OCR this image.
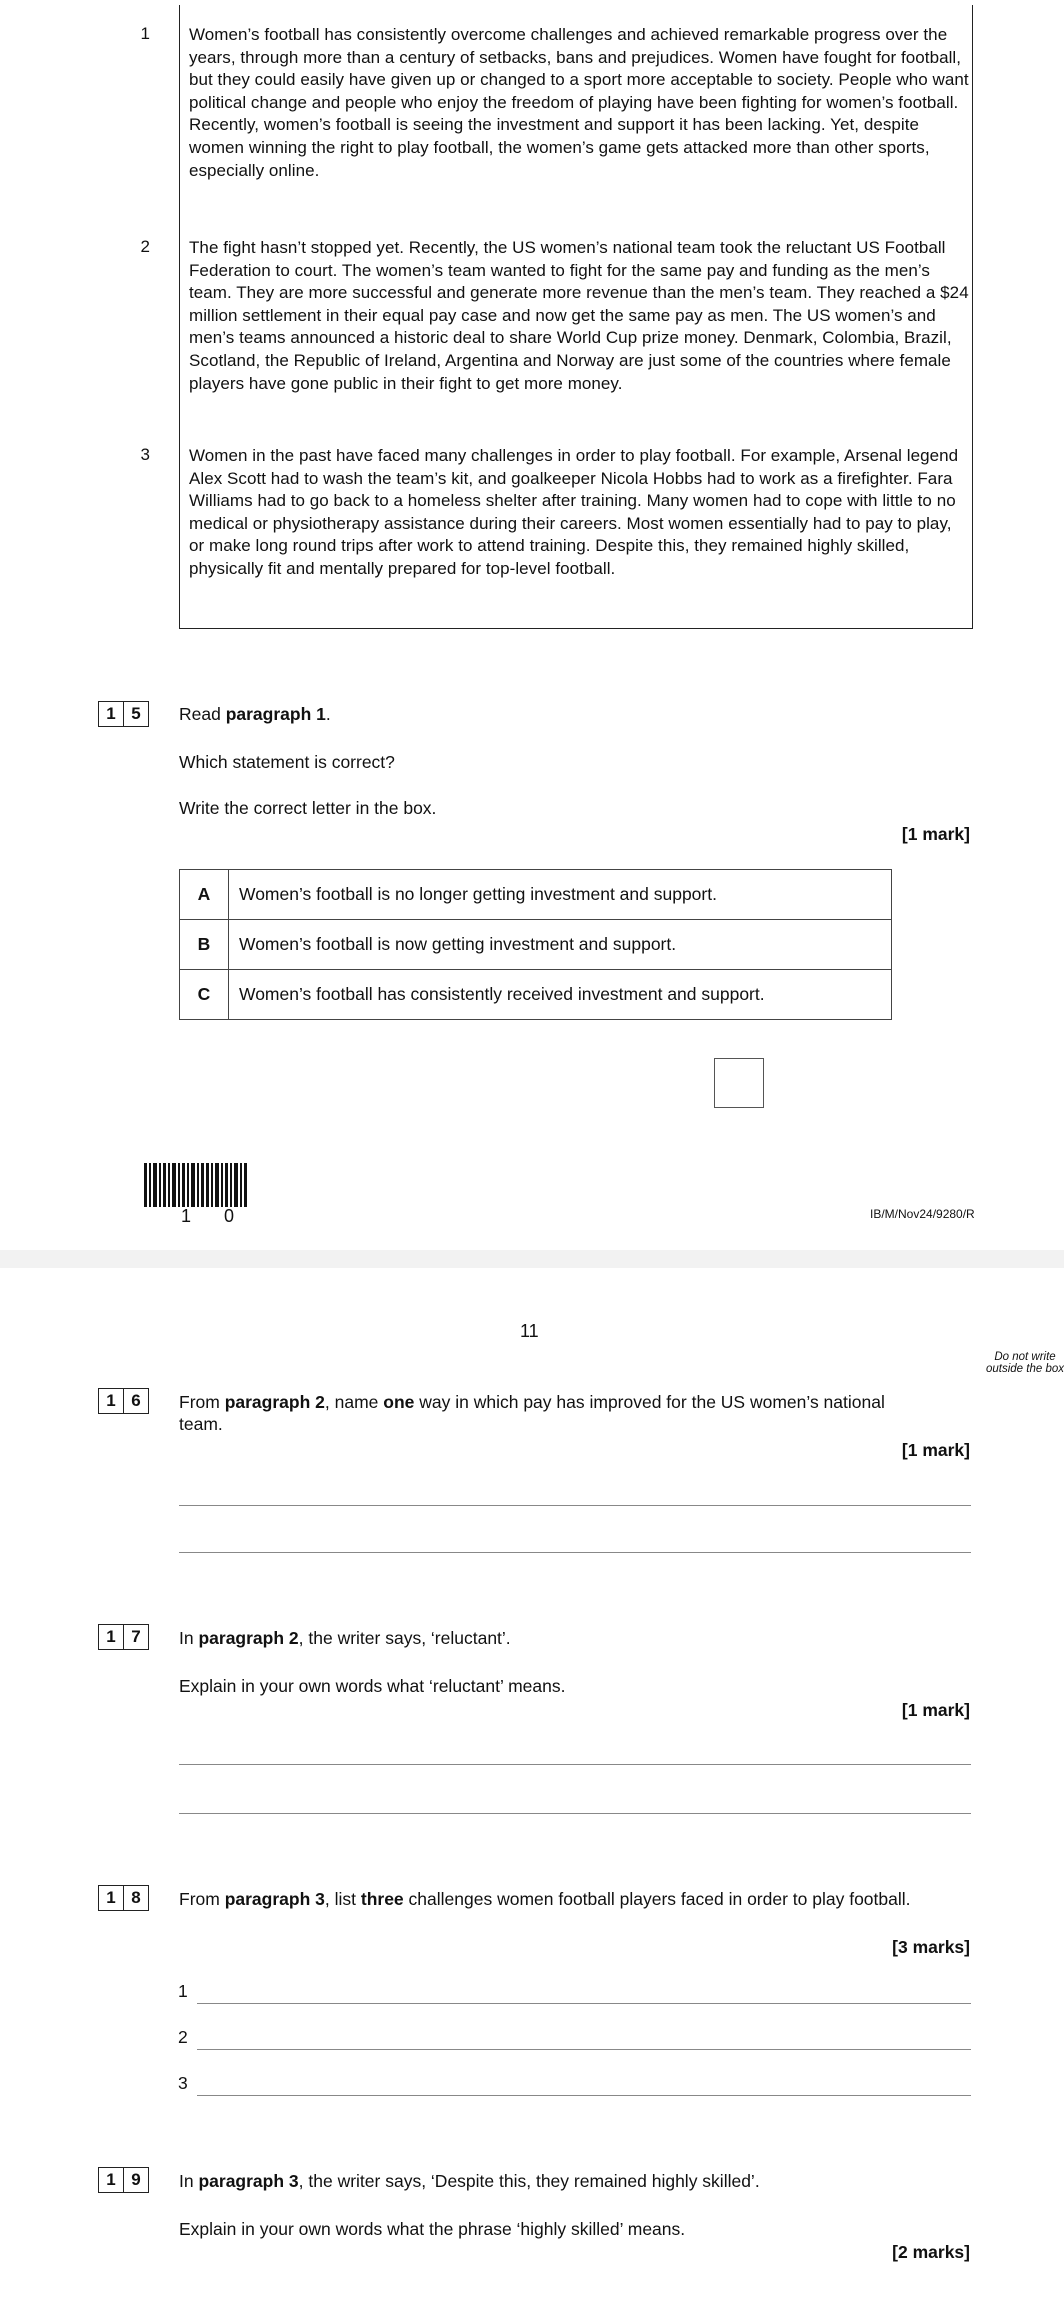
1 Women’s football has consistently overcome challenges and achieved remarkable progress over the years, through more than a century of setbacks, bans and prejudices. Women have fought for football, but they could easily have given up or changed to a sport more acceptable to society. People who want political change and people who enjoy the freedom of playing have been fighting for women’s football. Recently, women’s football is seeing the investment and support it has been lacking. Yet, despite women winning the right to play football, the women’s game gets attacked more than other sports, especially online.
2 The fight hasn’t stopped yet. Recently, the US women’s national team took the reluctant US Football Federation to court. The women’s team wanted to fight for the same pay and funding as the men’s team. They are more successful and generate more revenue than the men’s team. They reached a $24 million settlement in their equal pay case and now get the same pay as men. The US women’s and men’s teams announced a historic deal to share World Cup prize money. Denmark, Colombia, Brazil, Scotland, the Republic of Ireland, Argentina and Norway are just some of the countries where female players have gone public in their fight to get more money.
3 Women in the past have faced many challenges in order to play football. For example, Arsenal legend Alex Scott had to wash the team’s kit, and goalkeeper Nicola Hobbs had to work as a firefighter. Fara Williams had to go back to a homeless shelter after training. Many women had to cope with little to no medical or physiotherapy assistance during their careers. Most women essentially had to pay to play, or make long round trips after work to attend training. Despite this, they remained highly skilled, physically fit and mentally prepared for top-level football.
1 5	Read paragraph 1.
Which statement is correct?
Write the correct letter in the box.
[1 mark]
A	Women’s football is no longer getting investment and support.
B	Women’s football is now getting investment and support.
C	Women’s football has consistently received investment and support.
1 0	IB/M/Nov24/9280/R
11
Do not write outside the box
1 6	From paragraph 2, name one way in which pay has improved for the US women’s national team.
[1 mark]
1 7	In paragraph 2, the writer says, ‘reluctant’.
Explain in your own words what ‘reluctant’ means.
[1 mark]
1 8	From paragraph 3, list three challenges women football players faced in order to play football.
[3 marks]
1
2
3
1 9	In paragraph 3, the writer says, ‘Despite this, they remained highly skilled’.
Explain in your own words what the phrase ‘highly skilled’ means.
[2 marks]
